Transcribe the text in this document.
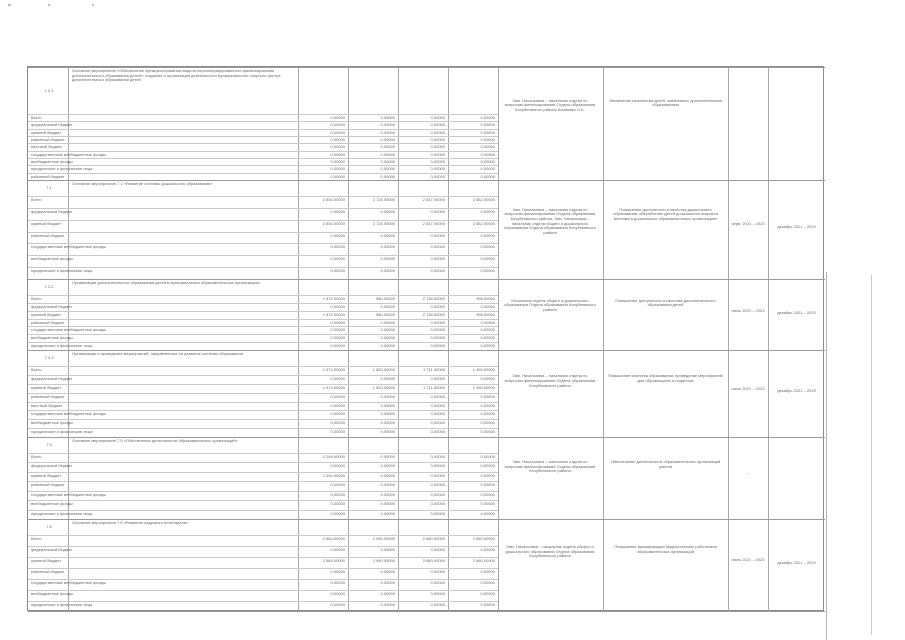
1.2.1
Основное мероприятие «Обеспечение функционирования модели персонифицированного финансирования дополнительного образования детей»; создание и организация деятельности муниципального опорного центра дополнительного образования детей
Всего	0,00000	0,00000	0,00000	0,00000
федеральный бюджет	0,00000	0,00000	0,00000	0,00000
краевой бюджет	0,00000	0,00000	0,00000	0,00000
районный бюджет	0,00000	0,00000	0,00000	0,00000
местный бюджет	0,00000	0,00000	0,00000	0,00000
государственные внебюджетные фонды	0,00000	0,00000	0,00000	0,00000
внебюджетные фонды	0,00000	0,00000	0,00000	0,00000
юридические и физические лица	0,00000	0,00000	0,00000	0,00000
районный бюджет	0,00000	0,00000	0,00000	0,00000
Зам. Начальника – начальник отдела по вопросам финансирования Отдела образования Кочубеевского района Балакова О.А.
Увеличение количества детей, охваченных дополнительным образованием
7.1
Основное мероприятие 7.1 «Развитие системы дошкольного образования»
Всего	2 834,00000	2 725,00000	2 837,00000	2 882,00000
федеральный бюджет	0,00000	0,00000	0,00000	0,00000
краевой бюджет	2 834,00000	2 725,00000	2 837,00000	2 882,00000
районный бюджет	0,00000	0,00000	0,00000	0,00000
государственные внебюджетные фонды	0,00000	0,00000	0,00000	0,00000
внебюджетные фонды	0,00000	0,00000	0,00000	0,00000
юридические и физические лица	0,00000	0,00000	0,00000	0,00000
Зам. Начальника – начальник отдела по вопросам финансирования Отдела образования Кочубеевского района; Зам. Начальника – начальник отдела общего и дошкольного образования Отдела образования Кочубеевского района
Повышение доступности и качества дошкольного образования; обеспечение детей дошкольного возраста местами в дошкольных образовательных организациях
черв. 2021 – 2023
декабрь 2021 – 2023
7.2.2
Организация дополнительного образования детей в муниципальных образовательных организациях
Всего	1 872,00000	980,00000	2 138,00000	398,00000
федеральный бюджет	0,00000	0,00000	0,00000	0,00000
краевой бюджет	1 872,00000	980,00000	2 138,00000	398,00000
районный бюджет	0,00000	0,00000	0,00000	0,00000
государственные внебюджетные фонды	0,00000	0,00000	0,00000	0,00000
внебюджетные фонды	0,00000	0,00000	0,00000	0,00000
юридические и физические лица	0,00000	0,00000	0,00000	0,00000
Начальник отдела общего и дошкольного образования Отдела образования Кочубеевского района
Повышение доступности и качества дополнительного образования детей
июль 2021 – 2023	декабрь 2021 – 2023
7.4.3
Организация и проведение мероприятий, направленных на развитие системы образования
Всего	1 574,00000	1 820,00000	1 711,00000	1 490,00000
федеральный бюджет	0,00000	0,00000	0,00000	0,00000
краевой бюджет	1 574,00000	1 820,00000	1 711,00000	1 490,00000
районный бюджет	0,00000	0,00000	0,00000	0,00000
местный бюджет	0,00000	0,00000	0,00000	0,00000
государственные внебюджетные фонды	0,00000	0,00000	0,00000	0,00000
внебюджетные фонды	0,00000	0,00000	0,00000	0,00000
юридические и физические лица	0,00000	0,00000	0,00000	0,00000
Зам. Начальника – начальник отдела по вопросам финансирования Отдела образования Кочубеевского района
Повышение качества образования; проведение мероприятий для обучающихся и педагогов
июль 2021 – 2023
декабрь 2021 – 2023
7.5
Основное мероприятие 7.5 «Обеспечение деятельности образовательных организаций»
Всего	1 294,00000	0,00000	0,00000	0,00000
федеральный бюджет	0,00000	0,00000	0,00000	0,00000
краевой бюджет	1 294,00000	0,00000	0,00000	0,00000
районный бюджет	0,00000	0,00000	0,00000	0,00000
государственные внебюджетные фонды	0,00000	0,00000	0,00000	0,00000
внебюджетные фонды	0,00000	0,00000	0,00000	0,00000
юридические и физические лица	0,00000	0,00000	0,00000	0,00000
Зам. Начальника – начальник отдела по вопросам финансирования Отдела образования Кочубеевского района
Обеспечение деятельности образовательных организаций района
–
7.6
Основное мероприятие 7.6 «Развитие кадрового потенциала»
Всего	2 664,00000	2 990,00000	2 660,00000	2 660,00000
федеральный бюджет	0,00000	0,00000	0,00000	0,00000
краевой бюджет	2 664,00000	2 990,00000	2 660,00000	2 660,00000
районный бюджет	0,00000	0,00000	0,00000	0,00000
государственные внебюджетные фонды	0,00000	0,00000	0,00000	0,00000
внебюджетные фонды	0,00000	0,00000	0,00000	0,00000
юридические и физические лица	0,00000	0,00000	0,00000	0,00000
Зам. Начальника – начальник отдела общего и дошкольного образования Отдела образования Кочубеевского района
Повышение квалификации педагогических работников образовательных организаций
июль 2021 – 2023
декабрь 2021 – 2023
